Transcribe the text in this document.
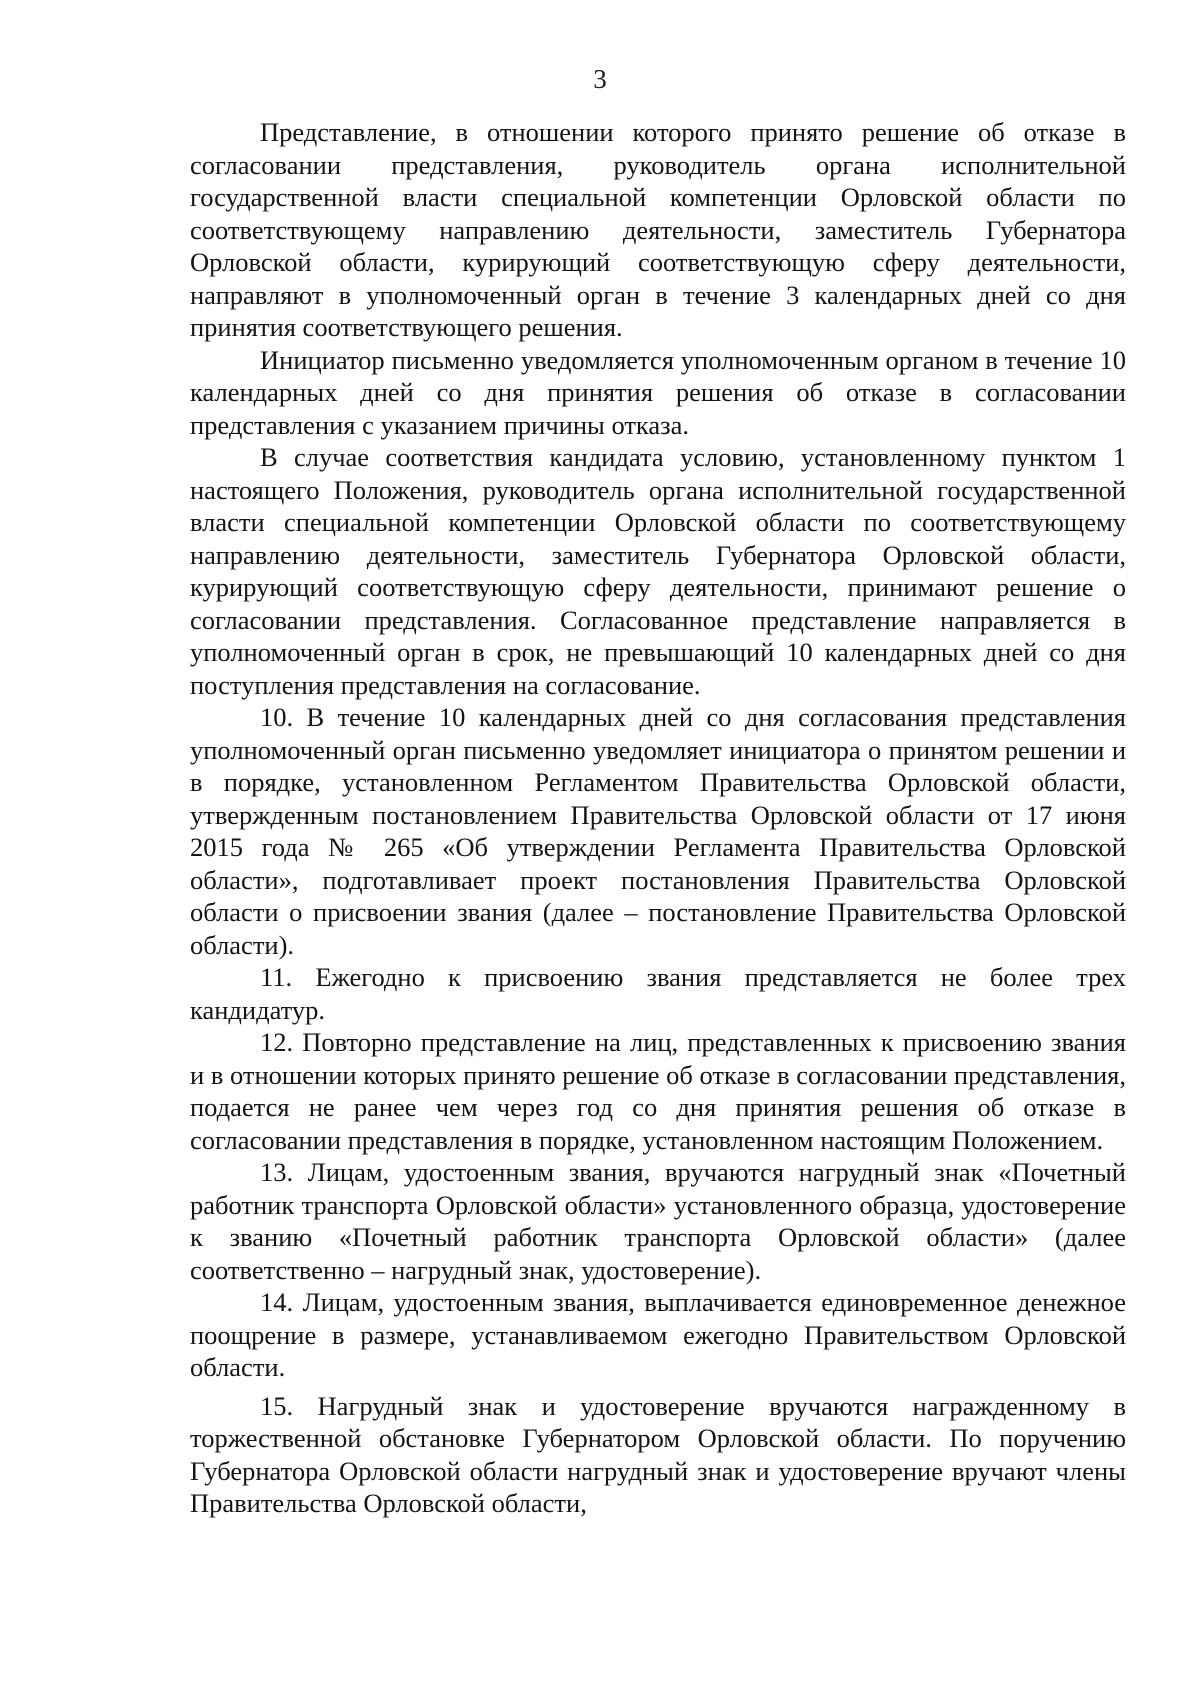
3

Представление, в отношении которого принято решение об отказе в согласовании представления, руководитель органа исполнительной государственной власти специальной компетенции Орловской области по соответствующему направлению деятельности, заместитель Губернатора Орловской области, курирующий соответствующую сферу деятельности, направляют в уполномоченный орган в течение 3 календарных дней со дня принятия соответствующего решения.

Инициатор письменно уведомляется уполномоченным органом в течение 10 календарных дней со дня принятия решения об отказе в согласовании представления с указанием причины отказа.

В случае соответствия кандидата условию, установленному пунктом 1 настоящего Положения, руководитель органа исполнительной государственной власти специальной компетенции Орловской области по соответствующему направлению деятельности, заместитель Губернатора Орловской области, курирующий соответствующую сферу деятельности, принимают решение о согласовании представления. Согласованное представление направляется в уполномоченный орган в срок, не превышающий 10 календарных дней со дня поступления представления на согласование.

10. В течение 10 календарных дней со дня согласования представления уполномоченный орган письменно уведомляет инициатора о принятом решении и в порядке, установленном Регламентом Правительства Орловской области, утвержденным постановлением Правительства Орловской области от 17 июня 2015 года № 265 «Об утверждении Регламента Правительства Орловской области», подготавливает проект постановления Правительства Орловской области о присвоении звания (далее – постановление Правительства Орловской области).

11. Ежегодно к присвоению звания представляется не более трех кандидатур.

12. Повторно представление на лиц, представленных к присвоению звания и в отношении которых принято решение об отказе в согласовании представления, подается не ранее чем через год со дня принятия решения об отказе в согласовании представления в порядке, установленном настоящим Положением.

13. Лицам, удостоенным звания, вручаются нагрудный знак «Почетный работник транспорта Орловской области» установленного образца, удостоверение к званию «Почетный работник транспорта Орловской области» (далее соответственно – нагрудный знак, удостоверение).

14. Лицам, удостоенным звания, выплачивается единовременное денежное поощрение в размере, устанавливаемом ежегодно Правительством Орловской области.

15. Нагрудный знак и удостоверение вручаются награжденному в торжественной обстановке Губернатором Орловской области. По поручению Губернатора Орловской области нагрудный знак и удостоверение вручают члены Правительства Орловской области,
